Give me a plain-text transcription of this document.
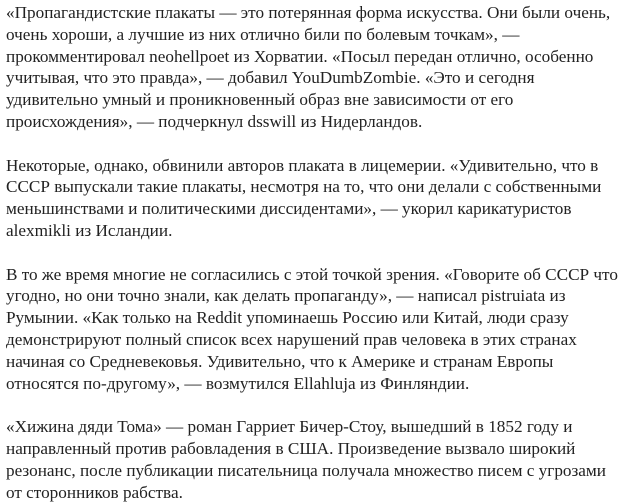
«Пропагандистские плакаты — это потерянная форма искусства. Они были очень,
очень хороши, а лучшие из них отлично били по болевым точкам», —
прокомментировал neohellpoet из Хорватии. «Посыл передан отлично, особенно
учитывая, что это правда», — добавил YouDumbZombie. «Это и сегодня
удивительно умный и проникновенный образ вне зависимости от его
происхождения», — подчеркнул dsswill из Нидерландов.

Некоторые, однако, обвинили авторов плаката в лицемерии. «Удивительно, что в
СССР выпускали такие плакаты, несмотря на то, что они делали с собственными
меньшинствами и политическими диссидентами», — укорил карикатуристов
alexmikli из Исландии.

В то же время многие не согласились с этой точкой зрения. «Говорите об СССР что
угодно, но они точно знали, как делать пропаганду», — написал pistruiata из
Румынии. «Как только на Reddit упоминаешь Россию или Китай, люди сразу
демонстрируют полный список всех нарушений прав человека в этих странах
начиная со Средневековья. Удивительно, что к Америке и странам Европы
относятся по-другому», — возмутился Ellahluja из Финляндии.

«Хижина дяди Тома» — роман Гарриет Бичер-Стоу, вышедший в 1852 году и
направленный против рабовладения в США. Произведение вызвало широкий
резонанс, после публикации писательница получала множество писем с угрозами
от сторонников рабства.
